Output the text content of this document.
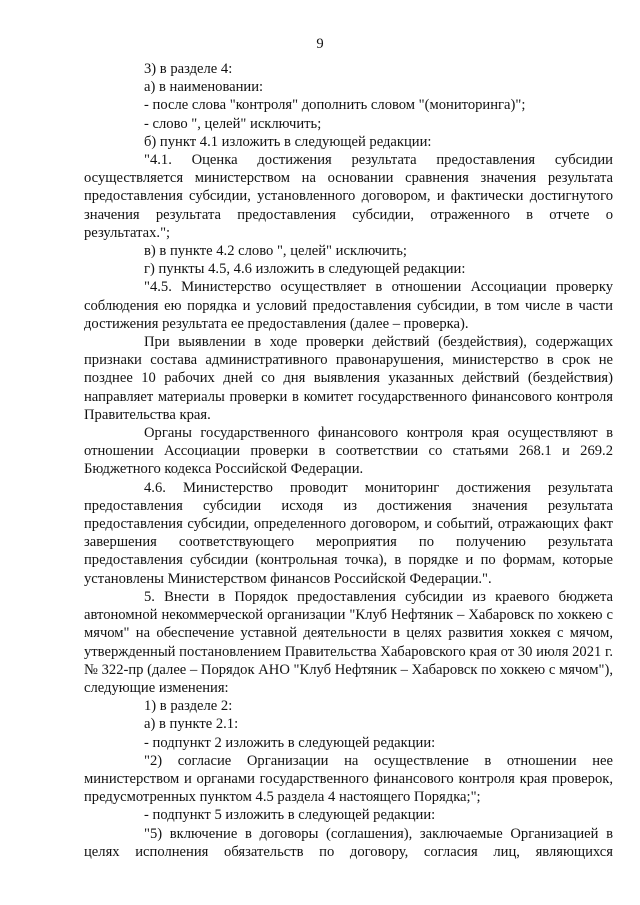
9

3) в разделе 4:

а) в наименовании:

- после слова "контроля" дополнить словом "(мониторинга)";

- слово ", целей" исключить;

б) пункт 4.1 изложить в следующей редакции:

"4.1. Оценка достижения результата предоставления субсидии осуществляется министерством на основании сравнения значения результата предоставления субсидии, установленного договором, и фактически достигнутого значения результата предоставления субсидии, отраженного в отчете о результатах.";

в) в пункте 4.2 слово ", целей" исключить;

г) пункты 4.5, 4.6 изложить в следующей редакции:

"4.5. Министерство осуществляет в отношении Ассоциации проверку соблюдения ею порядка и условий предоставления субсидии, в том числе в части достижения результата ее предоставления (далее – проверка).

При выявлении в ходе проверки действий (бездействия), содержащих признаки состава административного правонарушения, министерство в срок не позднее 10 рабочих дней со дня выявления указанных действий (бездействия) направляет материалы проверки в комитет государственного финансового контроля Правительства края.

Органы государственного финансового контроля края осуществляют в отношении Ассоциации проверки в соответствии со статьями 268.1 и 269.2 Бюджетного кодекса Российской Федерации.

4.6. Министерство проводит мониторинг достижения результата предоставления субсидии исходя из достижения значения результата предоставления субсидии, определенного договором, и событий, отражающих факт завершения соответствующего мероприятия по получению результата предоставления субсидии (контрольная точка), в порядке и по формам, которые установлены Министерством финансов Российской Федерации.".

5. Внести в Порядок предоставления субсидии из краевого бюджета автономной некоммерческой организации "Клуб Нефтяник – Хабаровск по хоккею с мячом" на обеспечение уставной деятельности в целях развития хоккея с мячом, утвержденный постановлением Правительства Хабаровского края от 30 июля 2021 г. № 322-пр (далее – Порядок АНО "Клуб Нефтяник – Хабаровск по хоккею с мячом"), следующие изменения:

1) в разделе 2:

а) в пункте 2.1:

- подпункт 2 изложить в следующей редакции:

"2) согласие Организации на осуществление в отношении нее министерством и органами государственного финансового контроля края проверок, предусмотренных пунктом 4.5 раздела 4 настоящего Порядка;";

- подпункт 5 изложить в следующей редакции:

"5) включение в договоры (соглашения), заключаемые Организацией в целях исполнения обязательств по договору, согласия лиц, являющихся
